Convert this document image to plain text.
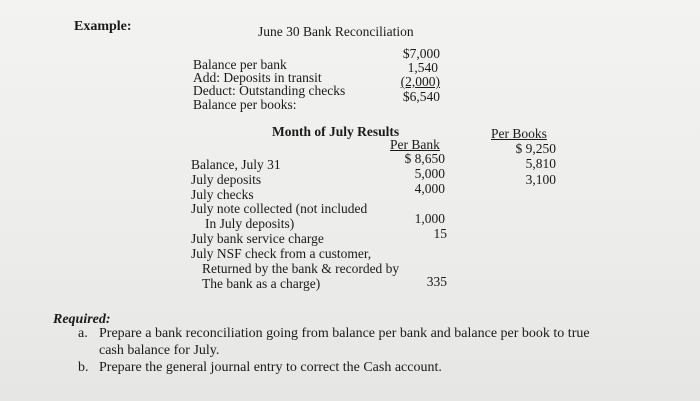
Example:	June 30 Bank Reconciliation
Balance per bank
Add: Deposits in transit
Deduct: Outstanding checks
Balance per books:
$7,000
1,540
(2,000)
$6,540
Month of July Results
Per Bank
Per Books
Balance, July 31
July deposits
July checks
July note collected (not included
In July deposits)
July bank service charge
July NSF check from a customer,
Returned by the bank & recorded by
The bank as a charge)
$ 8,650
5,000
4,000
1,000
15
335
$ 9,250
5,810
3,100
Required:
a. Prepare a bank reconciliation going from balance per bank and balance per book to true
cash balance for July.
b. Prepare the general journal entry to correct the Cash account.
